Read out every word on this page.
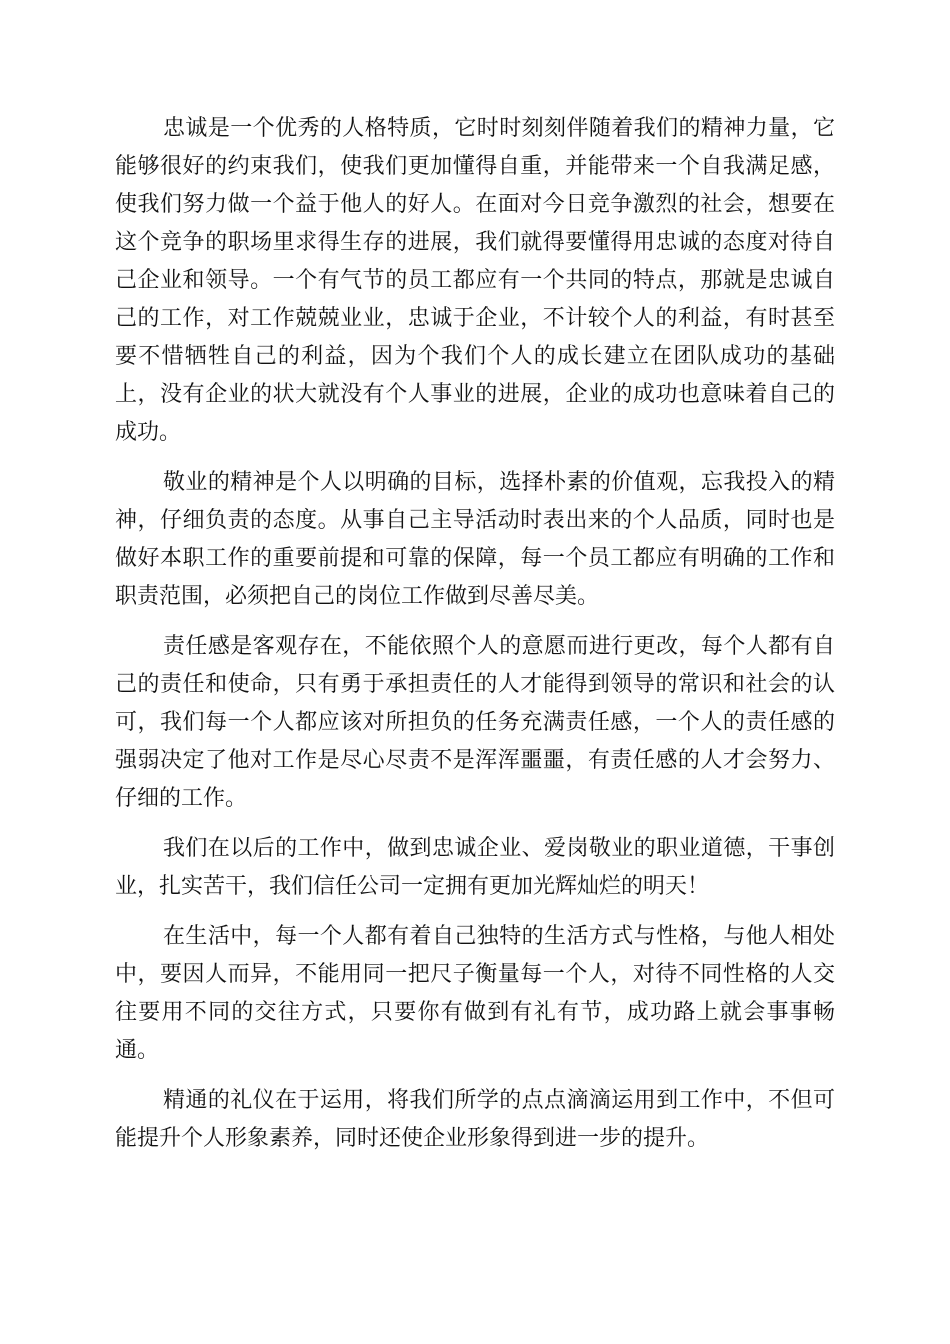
忠诚是一个优秀的人格特质，它时时刻刻伴随着我们的精神力量，它能够很好的约束我们，使我们更加懂得自重，并能带来一个自我满足感，使我们努力做一个益于他人的好人。在面对今日竞争激烈的社会，想要在这个竞争的职场里求得生存的进展，我们就得要懂得用忠诚的态度对待自己企业和领导。一个有气节的员工都应有一个共同的特点，那就是忠诚自己的工作，对工作兢兢业业，忠诚于企业，不计较个人的利益，有时甚至要不惜牺牲自己的利益，因为个我们个人的成长建立在团队成功的基础上，没有企业的状大就没有个人事业的进展，企业的成功也意味着自己的成功。

敬业的精神是个人以明确的目标，选择朴素的价值观，忘我投入的精神，仔细负责的态度。从事自己主导活动时表出来的个人品质，同时也是做好本职工作的重要前提和可靠的保障，每一个员工都应有明确的工作和职责范围，必须把自己的岗位工作做到尽善尽美。

责任感是客观存在，不能依照个人的意愿而进行更改，每个人都有自己的责任和使命，只有勇于承担责任的人才能得到领导的常识和社会的认可，我们每一个人都应该对所担负的任务充满责任感，一个人的责任感的强弱决定了他对工作是尽心尽责不是浑浑噩噩，有责任感的人才会努力、仔细的工作。

我们在以后的工作中，做到忠诚企业、爱岗敬业的职业道德，干事创业，扎实苦干，我们信任公司一定拥有更加光辉灿烂的明天！

在生活中，每一个人都有着自己独特的生活方式与性格，与他人相处中，要因人而异，不能用同一把尺子衡量每一个人，对待不同性格的人交往要用不同的交往方式，只要你有做到有礼有节，成功路上就会事事畅通。

精通的礼仪在于运用，将我们所学的点点滴滴运用到工作中，不但可能提升个人形象素养，同时还使企业形象得到进一步的提升。
